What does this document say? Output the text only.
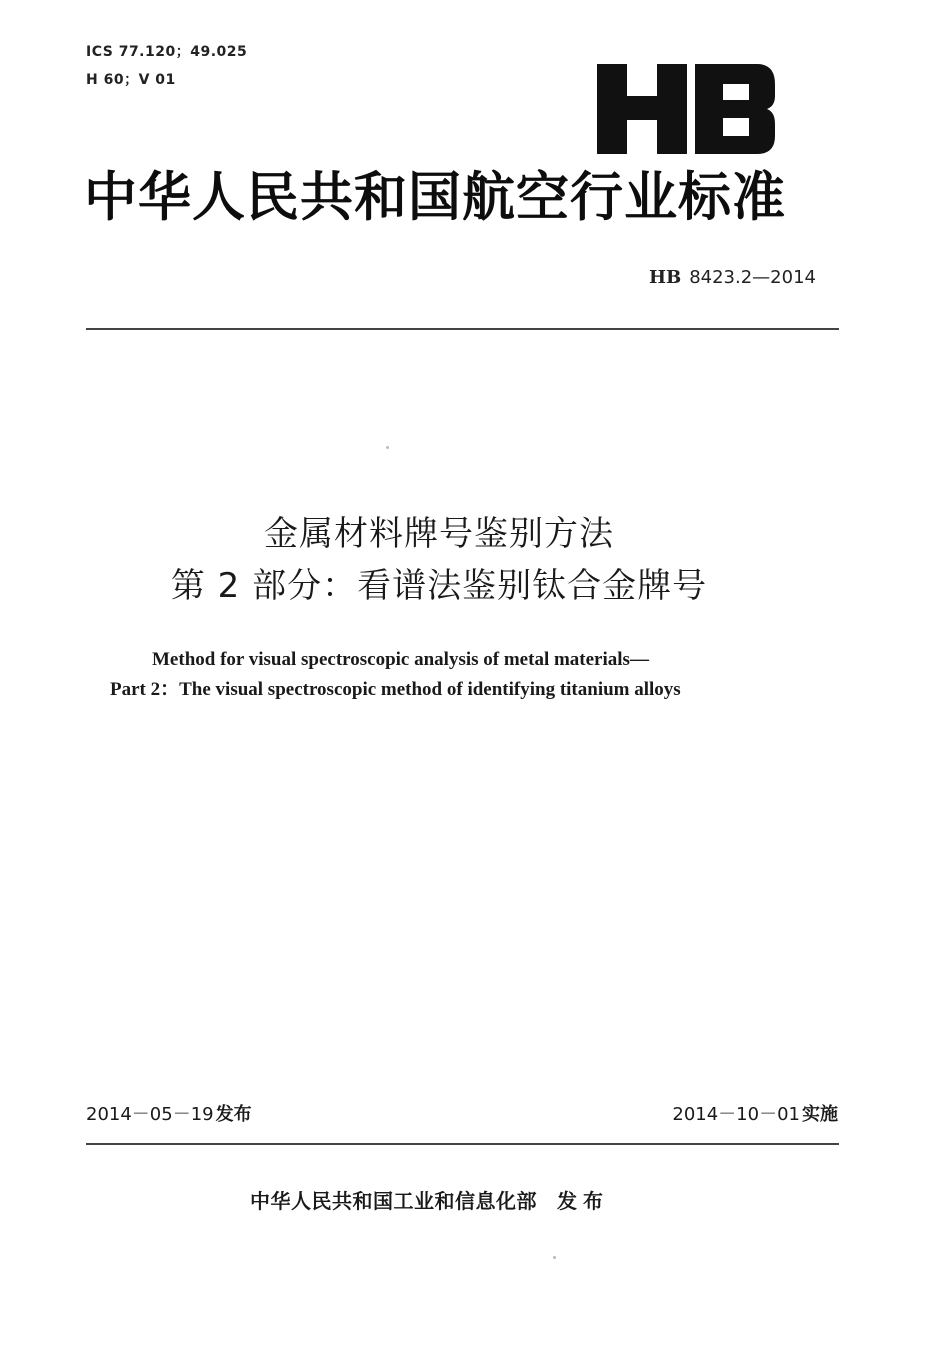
ICS 77.120；49.025
H 60；V 01
中华人民共和国航空行业标准
HB 8423.2—2014
金属材料牌号鉴别方法
第 2 部分：看谱法鉴别钛合金牌号
Method for visual spectroscopic analysis of metal materials—
Part 2：The visual spectroscopic method of identifying titanium alloys
2014－05－19 发布	2014－10－01 实施
中华人民共和国工业和信息化部 发布
